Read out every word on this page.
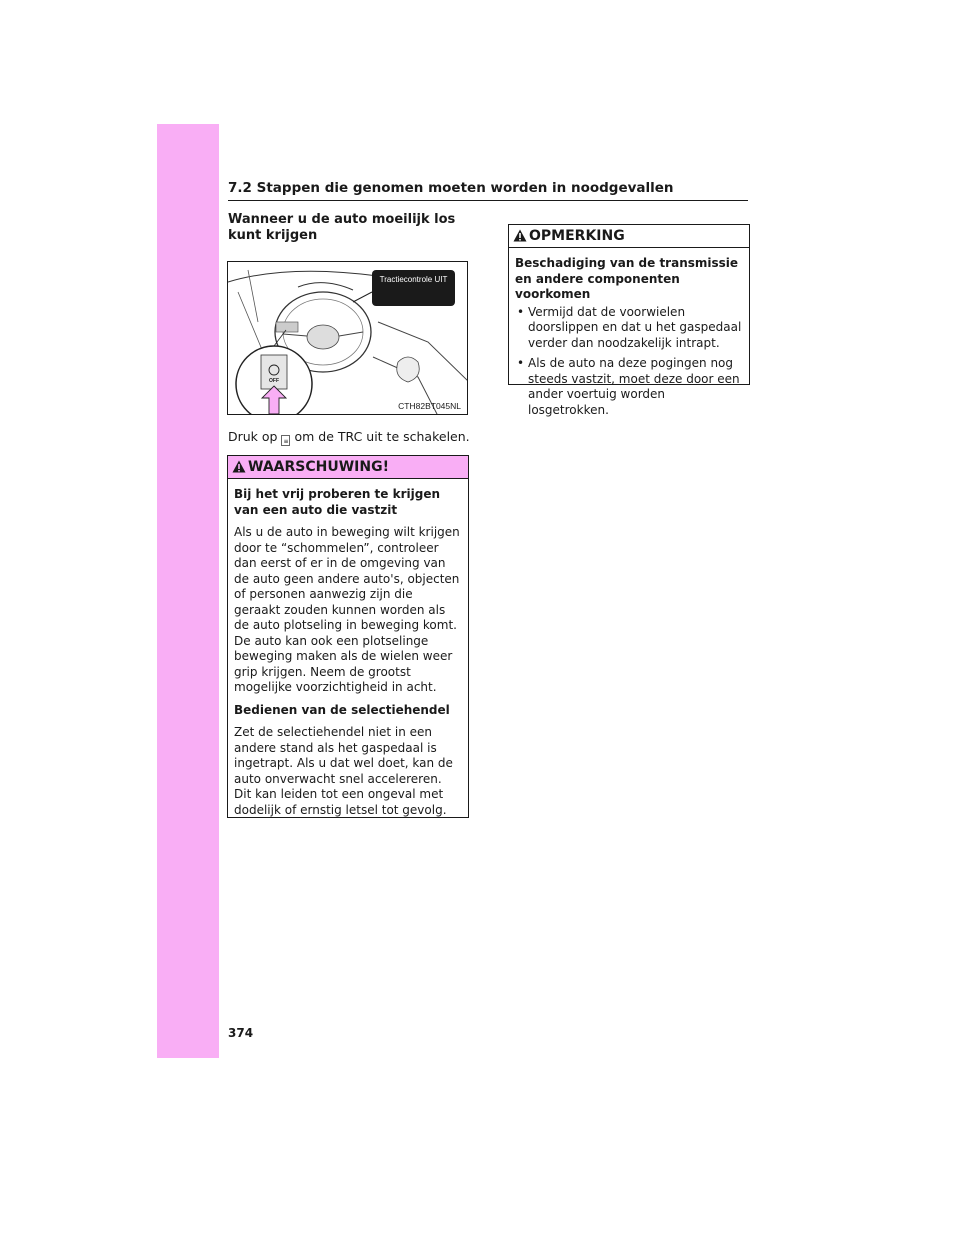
7.2 Stappen die genomen moeten worden in noodgevallen
Wanneer u de auto moeilijk los kunt krijgen
Tractiecontrole UIT
OFF
CTH82BT045NL
Druk op ≡ om de TRC uit te schakelen.
WAARSCHUWING!

Bij het vrij proberen te krijgen van een auto die vastzit

Als u de auto in beweging wilt krijgen door te “schommelen”, controleer dan eerst of er in de omgeving van de auto geen andere auto's, objecten of personen aanwezig zijn die geraakt zouden kunnen worden als de auto plotseling in beweging komt. De auto kan ook een plotselinge beweging maken als de wielen weer grip krijgen. Neem de grootst mogelijke voorzichtigheid in acht.

Bedienen van de selectiehendel

Zet de selectiehendel niet in een andere stand als het gaspedaal is ingetrapt. Als u dat wel doet, kan de auto onverwacht snel accelereren. Dit kan leiden tot een ongeval met dodelijk of ernstig letsel tot gevolg.

OPMERKING

Beschadiging van de transmissie en andere componenten voorkomen

• Vermijd dat de voorwielen doorslippen en dat u het gaspedaal verder dan noodzakelijk intrapt.
• Als de auto na deze pogingen nog steeds vastzit, moet deze door een ander voertuig worden losgetrokken.
374
